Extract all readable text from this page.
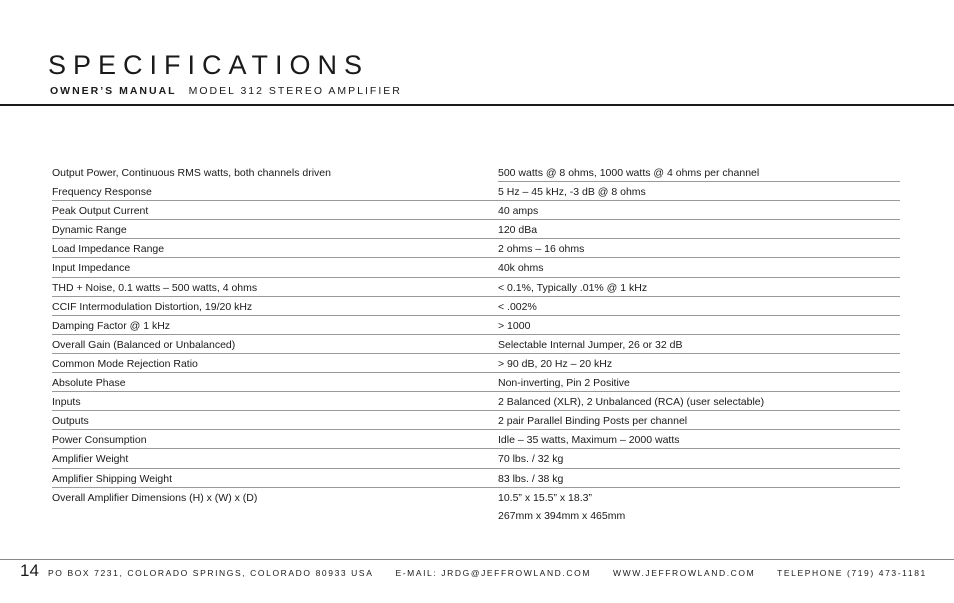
SPECIFICATIONS
OWNER’S MANUAL MODEL 312 STEREO AMPLIFIER
Output Power, Continuous RMS watts, both channels driven	500 watts @ 8 ohms, 1000 watts @ 4 ohms per channel
Frequency Response	5 Hz – 45 kHz, -3 dB @ 8 ohms
Peak Output Current	40 amps
Dynamic Range	120 dBa
Load Impedance Range	2 ohms – 16 ohms
Input Impedance	40k ohms
THD + Noise, 0.1 watts – 500 watts, 4 ohms	< 0.1%, Typically .01% @ 1 kHz
CCIF Intermodulation Distortion, 19/20 kHz	< .002%
Damping Factor @ 1 kHz	> 1000
Overall Gain (Balanced or Unbalanced)	Selectable Internal Jumper, 26 or 32 dB
Common Mode Rejection Ratio	> 90 dB, 20 Hz – 20 kHz
Absolute Phase	Non-inverting, Pin 2 Positive
Inputs	2 Balanced (XLR), 2 Unbalanced (RCA) (user selectable)
Outputs	2 pair Parallel Binding Posts per channel
Power Consumption	Idle – 35 watts, Maximum – 2000 watts
Amplifier Weight	70 lbs. / 32 kg
Amplifier Shipping Weight	83 lbs. / 38 kg
Overall Amplifier Dimensions (H) x (W) x (D)	10.5” x 15.5” x 18.3”
267mm x 394mm x 465mm
14 PO BOX 7231, COLORADO SPRINGS, COLORADO 80933 USA	E-MAIL: JRDG@JEFFROWLAND.COM	WWW.JEFFROWLAND.COM	TELEPHONE (719) 473-1181
